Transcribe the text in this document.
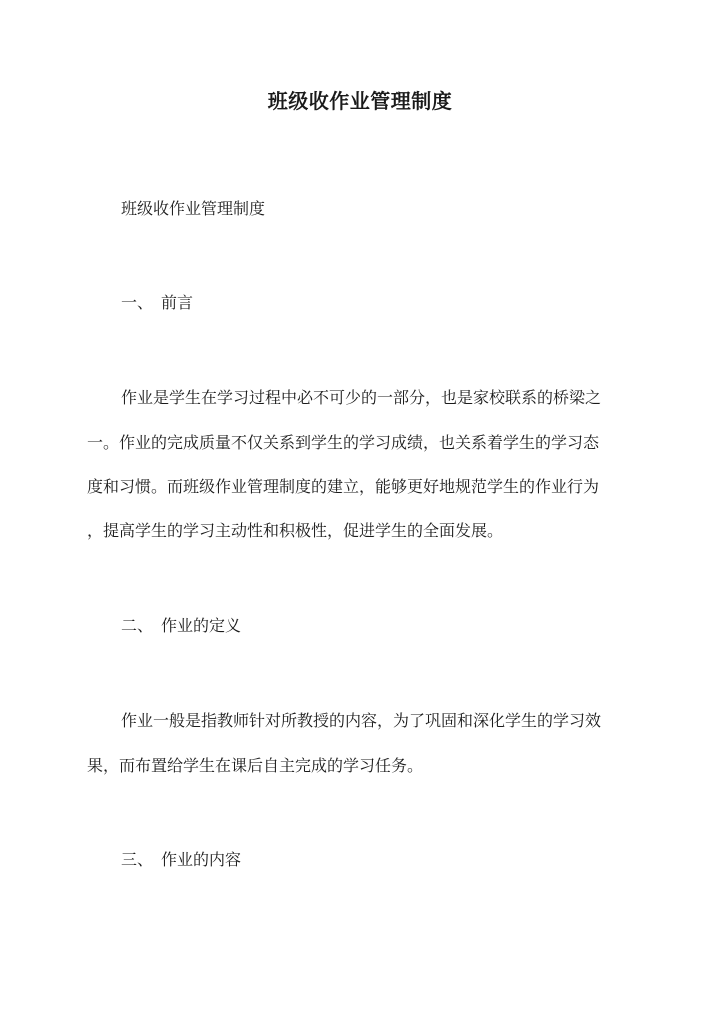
班级收作业管理制度
班级收作业管理制度
一、 前言
作业是学生在学习过程中必不可少的一部分，也是家校联系的桥梁之
一。作业的完成质量不仅关系到学生的学习成绩，也关系着学生的学习态
度和习惯。而班级作业管理制度的建立，能够更好地规范学生的作业行为
，提高学生的学习主动性和积极性，促进学生的全面发展。
二、 作业的定义
作业一般是指教师针对所教授的内容，为了巩固和深化学生的学习效
果，而布置给学生在课后自主完成的学习任务。
三、 作业的内容
